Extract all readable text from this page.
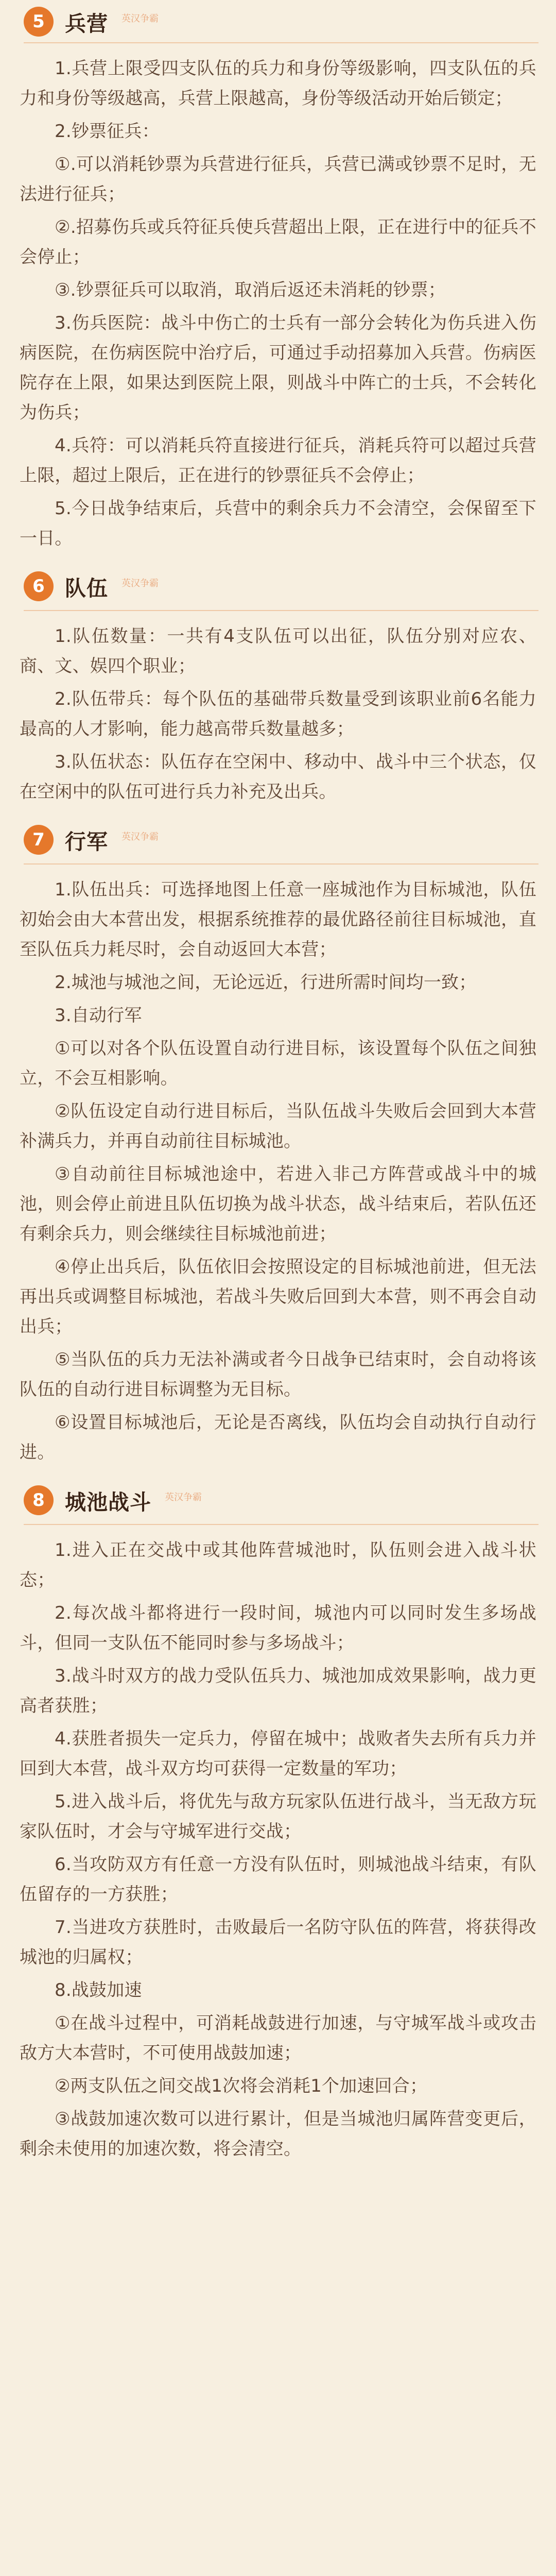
5 兵营 英汉争霸

1.兵营上限受四支队伍的兵力和身份等级影响，四支队伍的兵力和身份等级越高，兵营上限越高，身份等级活动开始后锁定；

2.钞票征兵：

①.可以消耗钞票为兵营进行征兵，兵营已满或钞票不足时，无法进行征兵；

②.招募伤兵或兵符征兵使兵营超出上限，正在进行中的征兵不会停止；

③.钞票征兵可以取消，取消后返还未消耗的钞票；

3.伤兵医院：战斗中伤亡的士兵有一部分会转化为伤兵进入伤病医院，在伤病医院中治疗后，可通过手动招募加入兵营。伤病医院存在上限，如果达到医院上限，则战斗中阵亡的士兵，不会转化为伤兵；

4.兵符：可以消耗兵符直接进行征兵，消耗兵符可以超过兵营上限，超过上限后，正在进行的钞票征兵不会停止；

5.今日战争结束后，兵营中的剩余兵力不会清空，会保留至下一日。

6 队伍 英汉争霸

1.队伍数量：一共有4支队伍可以出征，队伍分别对应农、商、文、娱四个职业；

2.队伍带兵：每个队伍的基础带兵数量受到该职业前6名能力最高的人才影响，能力越高带兵数量越多；

3.队伍状态：队伍存在空闲中、移动中、战斗中三个状态，仅在空闲中的队伍可进行兵力补充及出兵。

7 行军 英汉争霸

1.队伍出兵：可选择地图上任意一座城池作为目标城池，队伍初始会由大本营出发，根据系统推荐的最优路径前往目标城池，直至队伍兵力耗尽时，会自动返回大本营；

2.城池与城池之间，无论远近，行进所需时间均一致；

3.自动行军

①可以对各个队伍设置自动行进目标，该设置每个队伍之间独立，不会互相影响。

②队伍设定自动行进目标后，当队伍战斗失败后会回到大本营补满兵力，并再自动前往目标城池。

③自动前往目标城池途中，若进入非己方阵营或战斗中的城池，则会停止前进且队伍切换为战斗状态，战斗结束后，若队伍还有剩余兵力，则会继续往目标城池前进；

④停止出兵后，队伍依旧会按照设定的目标城池前进，但无法再出兵或调整目标城池，若战斗失败后回到大本营，则不再会自动出兵；

⑤当队伍的兵力无法补满或者今日战争已结束时，会自动将该队伍的自动行进目标调整为无目标。

⑥设置目标城池后，无论是否离线，队伍均会自动执行自动行进。

8 城池战斗 英汉争霸

1.进入正在交战中或其他阵营城池时，队伍则会进入战斗状态；

2.每次战斗都将进行一段时间，城池内可以同时发生多场战斗，但同一支队伍不能同时参与多场战斗；

3.战斗时双方的战力受队伍兵力、城池加成效果影响，战力更高者获胜；

4.获胜者损失一定兵力，停留在城中；战败者失去所有兵力并回到大本营，战斗双方均可获得一定数量的军功；

5.进入战斗后，将优先与敌方玩家队伍进行战斗，当无敌方玩家队伍时，才会与守城军进行交战；

6.当攻防双方有任意一方没有队伍时，则城池战斗结束，有队伍留存的一方获胜；

7.当进攻方获胜时，击败最后一名防守队伍的阵营，将获得改城池的归属权；

8.战鼓加速

①在战斗过程中，可消耗战鼓进行加速，与守城军战斗或攻击敌方大本营时，不可使用战鼓加速；

②两支队伍之间交战1次将会消耗1个加速回合；

③战鼓加速次数可以进行累计，但是当城池归属阵营变更后，剩余未使用的加速次数，将会清空。
